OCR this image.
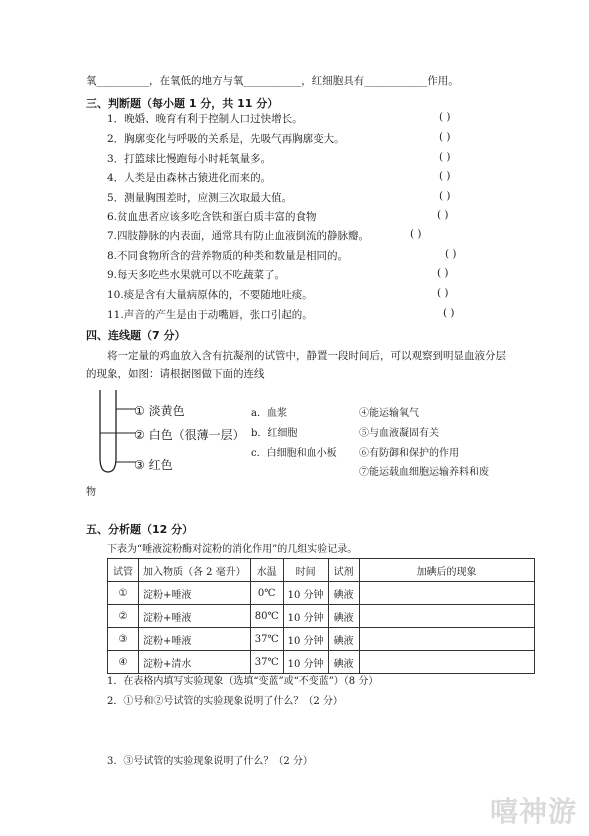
氧__________，在氧低的地方与氧___________，红细胞具有____________作用。
三、判断题（每小题 1 分，共 11 分）
1．晚婚、晚育有利于控制人口过快增长。	( )
2．胸廓变化与呼吸的关系是，先吸气再胸廓变大。	( )
3．打篮球比慢跑每小时耗氧量多。	( )
4．人类是由森林古猿进化而来的。	( )
5．测量胸围差时，应测三次取最大值。	( )
6.贫血患者应该多吃含铁和蛋白质丰富的食物	( )
7.四肢静脉的内表面，通常具有防止血液倒流的静脉瓣。	( )
8.不同食物所含的营养物质的种类和数量是相同的。	( )
9.每天多吃些水果就可以不吃蔬菜了。	( )
10.痰是含有大量病原体的，不要随地吐痰。	( )
11.声音的产生是由于动嘴唇，张口引起的。	( )
四、连线题（7 分）
将一定量的鸡血放入含有抗凝剂的试管中，静置一段时间后，可以观察到明显血液分层
的现象，如图：请根据图做下面的连线
① 淡黄色
② 白色（很薄一层）
③ 红色
a．血浆
b．红细胞
c．白细胞和血小板
④能运输氧气
⑤与血液凝固有关
⑥有防御和保护的作用
⑦能运载血细胞运输养料和废
物
五、分析题（12 分）
下表为“唾液淀粉酶对淀粉的消化作用”的几组实验记录。
试管	加入物质（各 2 毫升）	水温	时间	试剂	加碘后的现象
①	淀粉+唾液	0℃	10 分钟	碘液	
②	淀粉+唾液	80℃	10 分钟	碘液	
③	淀粉+唾液	37℃	10 分钟	碘液	
④	淀粉+清水	37℃	10 分钟	碘液	
1．在表格内填写实验现象（选填“变蓝”或“不变蓝”）（8 分）
2．①号和②号试管的实验现象说明了什么？（2 分）
3．③号试管的实验现象说明了什么？（2 分）
嘻神游
